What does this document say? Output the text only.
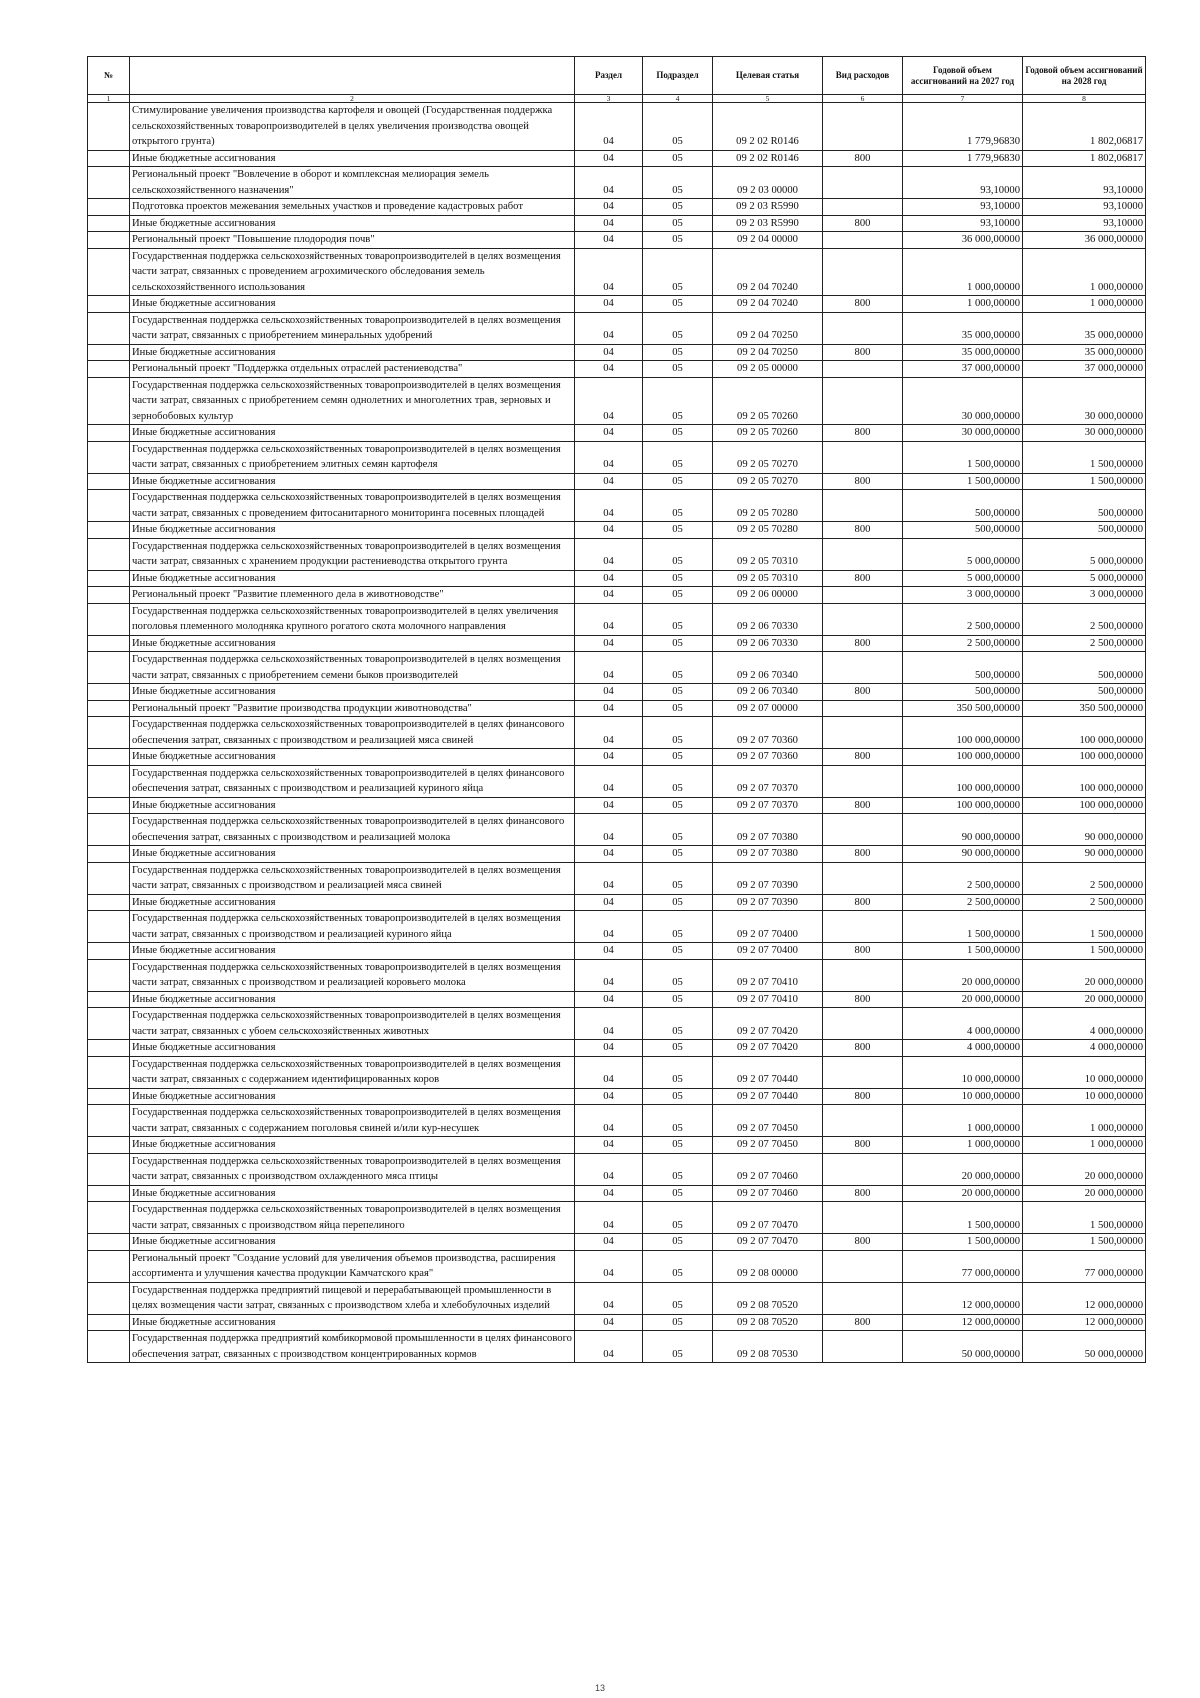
№		Раздел	Подраздел	Целевая статья	Вид расходов	Годовой объем ассигнований на 2027 год	Годовой объем ассигнований на 2028 год
1	2	3	4	5	6	7	8
	Стимулирование увеличения производства картофеля и овощей (Государственная поддержка сельскохозяйственных товаропроизводителей в целях увеличения производства овощей открытого грунта)	04	05	09 2 02 R0146		1 779,96830	1 802,06817
	Иные бюджетные ассигнования	04	05	09 2 02 R0146	800	1 779,96830	1 802,06817
	Региональный проект "Вовлечение в оборот и комплексная мелиорация земель сельскохозяйственного назначения"	04	05	09 2 03 00000		93,10000	93,10000
	Подготовка проектов межевания земельных участков и проведение кадастровых работ	04	05	09 2 03 R5990		93,10000	93,10000
	Иные бюджетные ассигнования	04	05	09 2 03 R5990	800	93,10000	93,10000
	Региональный проект "Повышение плодородия почв"	04	05	09 2 04 00000		36 000,00000	36 000,00000
	Государственная поддержка сельскохозяйственных товаропроизводителей в целях возмещения части затрат, связанных с проведением агрохимического обследования земель сельскохозяйственного использования	04	05	09 2 04 70240		1 000,00000	1 000,00000
	Иные бюджетные ассигнования	04	05	09 2 04 70240	800	1 000,00000	1 000,00000
	Государственная поддержка сельскохозяйственных товаропроизводителей в целях возмещения части затрат, связанных с приобретением минеральных удобрений	04	05	09 2 04 70250		35 000,00000	35 000,00000
	Иные бюджетные ассигнования	04	05	09 2 04 70250	800	35 000,00000	35 000,00000
	Региональный проект "Поддержка отдельных отраслей растениеводства"	04	05	09 2 05 00000		37 000,00000	37 000,00000
	Государственная поддержка сельскохозяйственных товаропроизводителей в целях возмещения части затрат, связанных с приобретением семян однолетних и многолетних трав, зерновых и зернобобовых культур	04	05	09 2 05 70260		30 000,00000	30 000,00000
	Иные бюджетные ассигнования	04	05	09 2 05 70260	800	30 000,00000	30 000,00000
	Государственная поддержка сельскохозяйственных товаропроизводителей в целях возмещения части затрат, связанных с приобретением элитных семян картофеля	04	05	09 2 05 70270		1 500,00000	1 500,00000
	Иные бюджетные ассигнования	04	05	09 2 05 70270	800	1 500,00000	1 500,00000
	Государственная поддержка сельскохозяйственных товаропроизводителей в целях возмещения части затрат, связанных с проведением фитосанитарного мониторинга посевных площадей	04	05	09 2 05 70280		500,00000	500,00000
	Иные бюджетные ассигнования	04	05	09 2 05 70280	800	500,00000	500,00000
	Государственная поддержка сельскохозяйственных товаропроизводителей в целях возмещения части затрат, связанных с хранением продукции растениеводства открытого грунта	04	05	09 2 05 70310		5 000,00000	5 000,00000
	Иные бюджетные ассигнования	04	05	09 2 05 70310	800	5 000,00000	5 000,00000
	Региональный проект "Развитие племенного дела в животноводстве"	04	05	09 2 06 00000		3 000,00000	3 000,00000
	Государственная поддержка сельскохозяйственных товаропроизводителей в целях увеличения поголовья племенного молодняка крупного рогатого скота молочного направления	04	05	09 2 06 70330		2 500,00000	2 500,00000
	Иные бюджетные ассигнования	04	05	09 2 06 70330	800	2 500,00000	2 500,00000
	Государственная поддержка сельскохозяйственных товаропроизводителей в целях возмещения части затрат, связанных с приобретением семени быков производителей	04	05	09 2 06 70340		500,00000	500,00000
	Иные бюджетные ассигнования	04	05	09 2 06 70340	800	500,00000	500,00000
	Региональный проект "Развитие производства продукции животноводства"	04	05	09 2 07 00000		350 500,00000	350 500,00000
	Государственная поддержка сельскохозяйственных товаропроизводителей в целях финансового обеспечения затрат, связанных с производством и реализацией мяса свиней	04	05	09 2 07 70360		100 000,00000	100 000,00000
	Иные бюджетные ассигнования	04	05	09 2 07 70360	800	100 000,00000	100 000,00000
	Государственная поддержка сельскохозяйственных товаропроизводителей в целях финансового обеспечения затрат, связанных с производством и реализацией куриного яйца	04	05	09 2 07 70370		100 000,00000	100 000,00000
	Иные бюджетные ассигнования	04	05	09 2 07 70370	800	100 000,00000	100 000,00000
	Государственная поддержка сельскохозяйственных товаропроизводителей в целях финансового обеспечения затрат, связанных с производством и реализацией молока	04	05	09 2 07 70380		90 000,00000	90 000,00000
	Иные бюджетные ассигнования	04	05	09 2 07 70380	800	90 000,00000	90 000,00000
	Государственная поддержка сельскохозяйственных товаропроизводителей в целях возмещения части затрат, связанных с производством и реализацией мяса свиней	04	05	09 2 07 70390		2 500,00000	2 500,00000
	Иные бюджетные ассигнования	04	05	09 2 07 70390	800	2 500,00000	2 500,00000
	Государственная поддержка сельскохозяйственных товаропроизводителей в целях возмещения части затрат, связанных с производством и реализацией куриного яйца	04	05	09 2 07 70400		1 500,00000	1 500,00000
	Иные бюджетные ассигнования	04	05	09 2 07 70400	800	1 500,00000	1 500,00000
	Государственная поддержка сельскохозяйственных товаропроизводителей в целях возмещения части затрат, связанных с производством и реализацией коровьего молока	04	05	09 2 07 70410		20 000,00000	20 000,00000
	Иные бюджетные ассигнования	04	05	09 2 07 70410	800	20 000,00000	20 000,00000
	Государственная поддержка сельскохозяйственных товаропроизводителей в целях возмещения части затрат, связанных с убоем сельскохозяйственных животных	04	05	09 2 07 70420		4 000,00000	4 000,00000
	Иные бюджетные ассигнования	04	05	09 2 07 70420	800	4 000,00000	4 000,00000
	Государственная поддержка сельскохозяйственных товаропроизводителей в целях возмещения части затрат, связанных с содержанием идентифицированных коров	04	05	09 2 07 70440		10 000,00000	10 000,00000
	Иные бюджетные ассигнования	04	05	09 2 07 70440	800	10 000,00000	10 000,00000
	Государственная поддержка сельскохозяйственных товаропроизводителей в целях возмещения части затрат, связанных с содержанием поголовья свиней и/или кур-несушек	04	05	09 2 07 70450		1 000,00000	1 000,00000
	Иные бюджетные ассигнования	04	05	09 2 07 70450	800	1 000,00000	1 000,00000
	Государственная поддержка сельскохозяйственных товаропроизводителей в целях возмещения части затрат, связанных с производством охлажденного мяса птицы	04	05	09 2 07 70460		20 000,00000	20 000,00000
	Иные бюджетные ассигнования	04	05	09 2 07 70460	800	20 000,00000	20 000,00000
	Государственная поддержка сельскохозяйственных товаропроизводителей в целях возмещения части затрат, связанных с производством яйца перепелиного	04	05	09 2 07 70470		1 500,00000	1 500,00000
	Иные бюджетные ассигнования	04	05	09 2 07 70470	800	1 500,00000	1 500,00000
	Региональный проект "Создание условий для увеличения объемов производства, расширения ассортимента и улучшения качества продукции Камчатского края"	04	05	09 2 08 00000		77 000,00000	77 000,00000
	Государственная поддержка предприятий пищевой и перерабатывающей промышленности в целях возмещения части затрат, связанных с производством хлеба и хлебобулочных изделий	04	05	09 2 08 70520		12 000,00000	12 000,00000
	Иные бюджетные ассигнования	04	05	09 2 08 70520	800	12 000,00000	12 000,00000
	Государственная поддержка предприятий комбикормовой промышленности в целях финансового обеспечения затрат, связанных с производством концентрированных кормов	04	05	09 2 08 70530		50 000,00000	50 000,00000
13
